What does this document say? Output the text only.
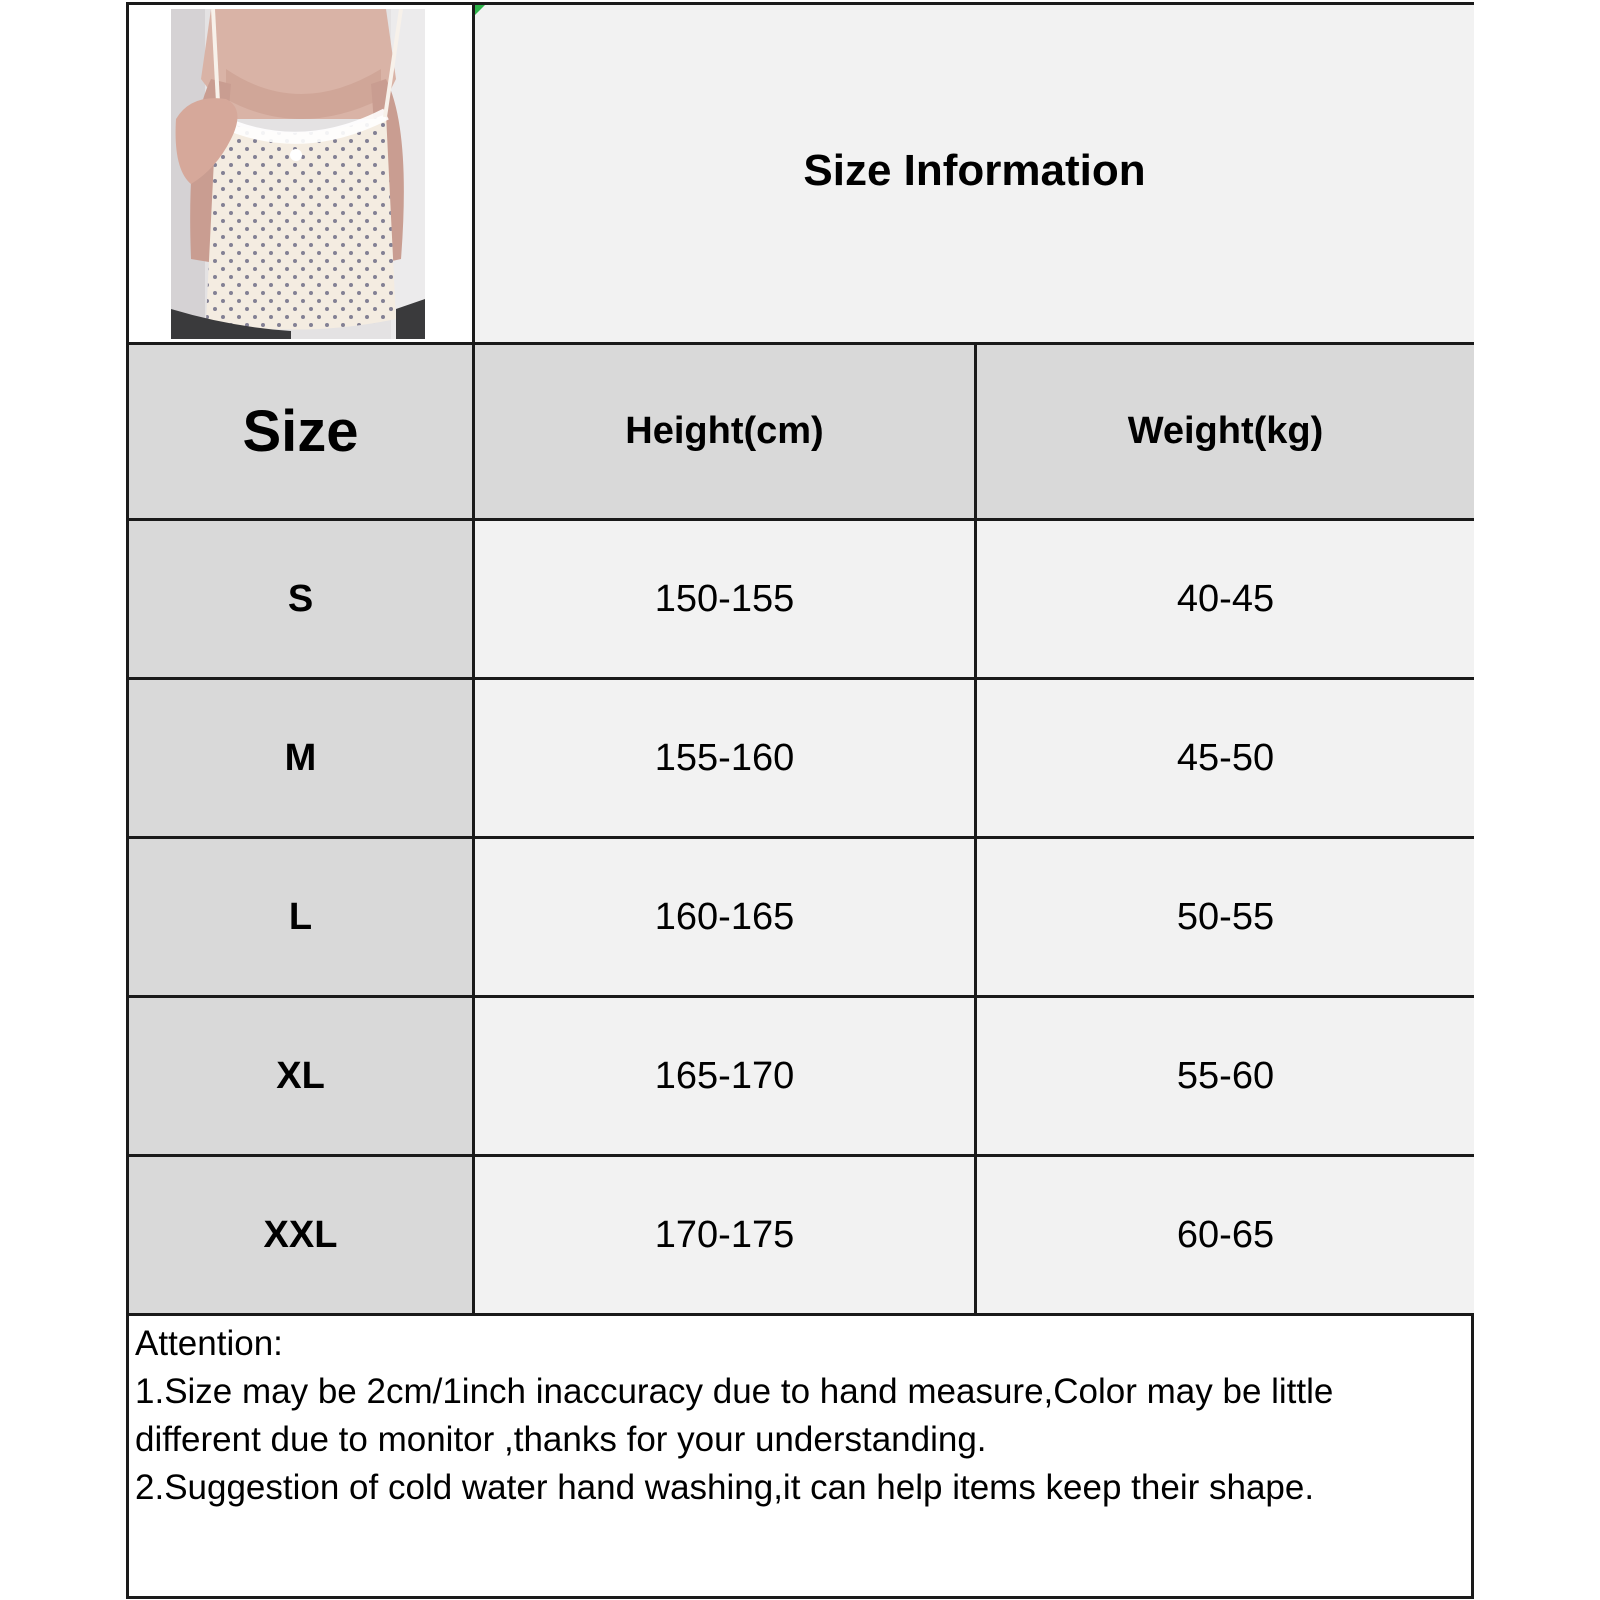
Size Information
Size	Height(cm)	Weight(kg)
S	150-155	40-45
M	155-160	45-50
L	160-165	50-55
XL	165-170	55-60
XXL	170-175	60-65
Attention:
1.Size may be 2cm/1inch inaccuracy due to hand measure,Color may be little
different due to monitor ,thanks for your understanding.
2.Suggestion of cold water hand washing,it can help items keep their shape.
